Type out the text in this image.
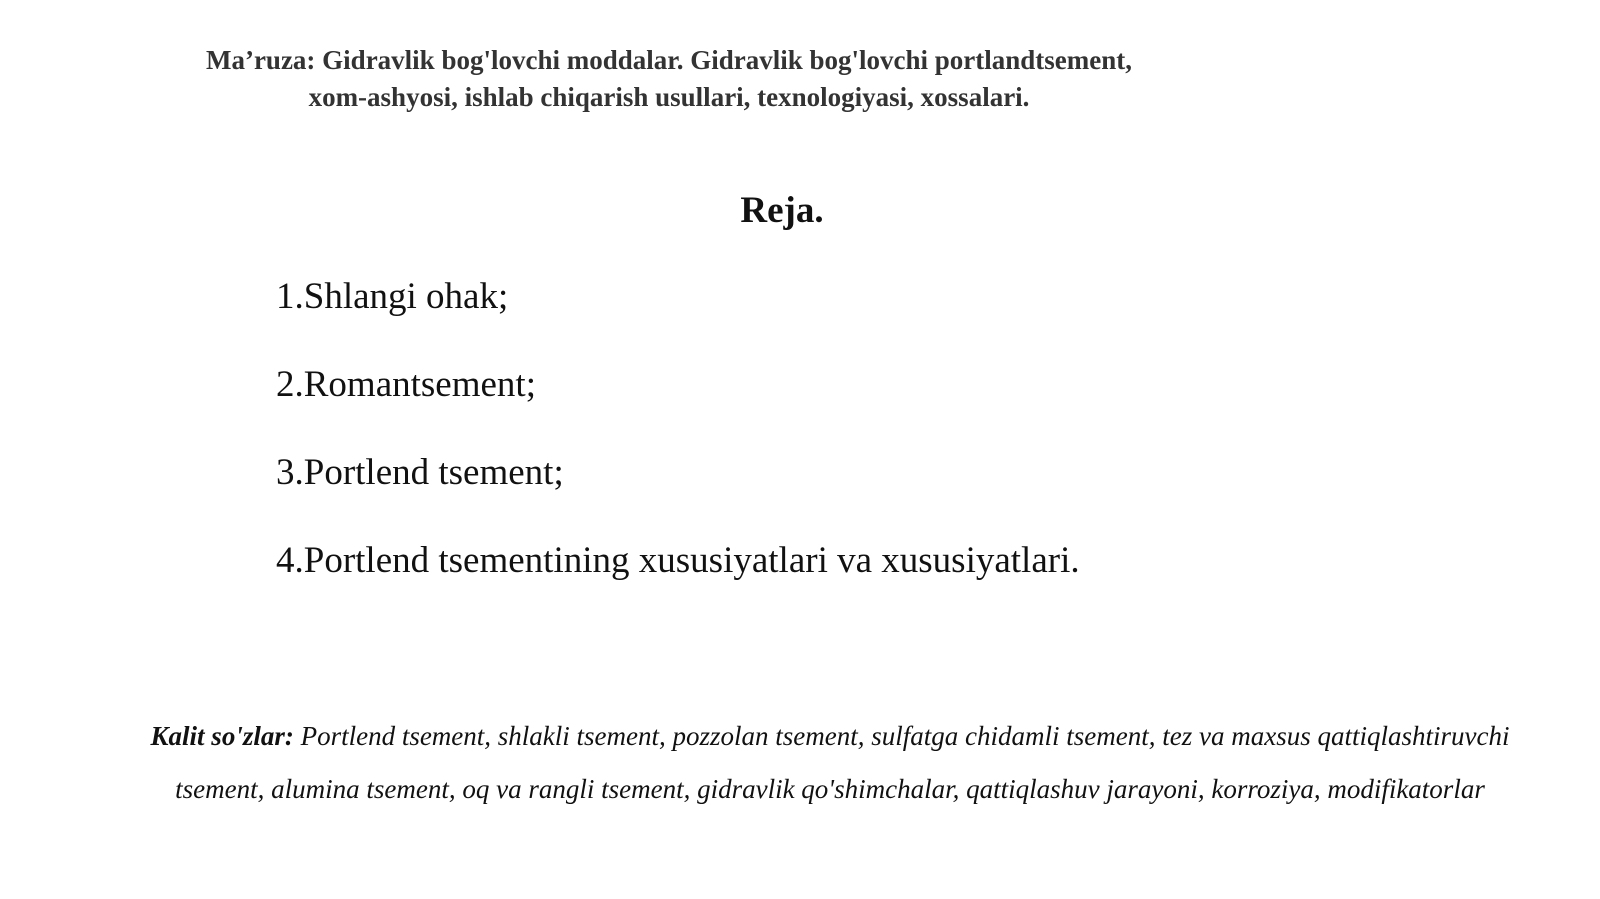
Ma’ruza: Gidravlik bog'lovchi moddalar. Gidravlik bog'lovchi portlandtsement,
xom-ashyosi, ishlab chiqarish usullari, texnologiyasi, xossalari.
Reja.
1.Shlangi ohak;
2.Romantsement;
3.Portlend tsement;
4.Portlend tsementining xususiyatlari va xususiyatlari.
Kalit so'zlar: Portlend tsement, shlakli tsement, pozzolan tsement, sulfatga chidamli tsement, tez va maxsus qattiqlashtiruvchi tsement, alumina tsement, oq va rangli tsement, gidravlik qo'shimchalar, qattiqlashuv jarayoni, korroziya, modifikatorlar
